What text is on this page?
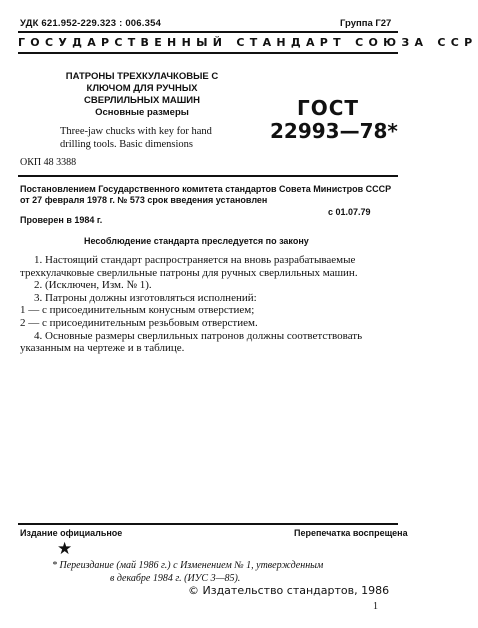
УДК 621.952-229.323 : 006.354	Группа Г27
ГОСУДАРСТВЕННЫЙ СТАНДАРТ СОЮЗА ССР
ПАТРОНЫ ТРЕХКУЛАЧКОВЫЕ С КЛЮЧОМ ДЛЯ РУЧНЫХ СВЕРЛИЛЬНЫХ МАШИН
Основные размеры
Three-jaw chucks with key for hand drilling tools. Basic dimensions
ГОСТ
22993—78*
ОКП 48 3388
Постановлением Государственного комитета стандартов Совета Министров СССР от 27 февраля 1978 г. № 573 срок введения установлен
с 01.07.79
Проверен в 1984 г.
Несоблюдение стандарта преследуется по закону

1. Настоящий стандарт распространяется на вновь разрабатываемые трехкулачковые сверлильные патроны для ручных сверлильных машин.

2. (Исключен, Изм. № 1).

3. Патроны должны изготовляться исполнений:

1 — с присоединительным конусным отверстием;

2 — с присоединительным резьбовым отверстием.

4. Основные размеры сверлильных патронов должны соответствовать указанным на чертеже и в таблице.

Издание официальное	Перепечатка воспрещена
★
* Переиздание (май 1986 г.) с Изменением № 1, утвержденным
в декабре 1984 г. (ИУС 3—85).
© Издательство стандартов, 1986
1
